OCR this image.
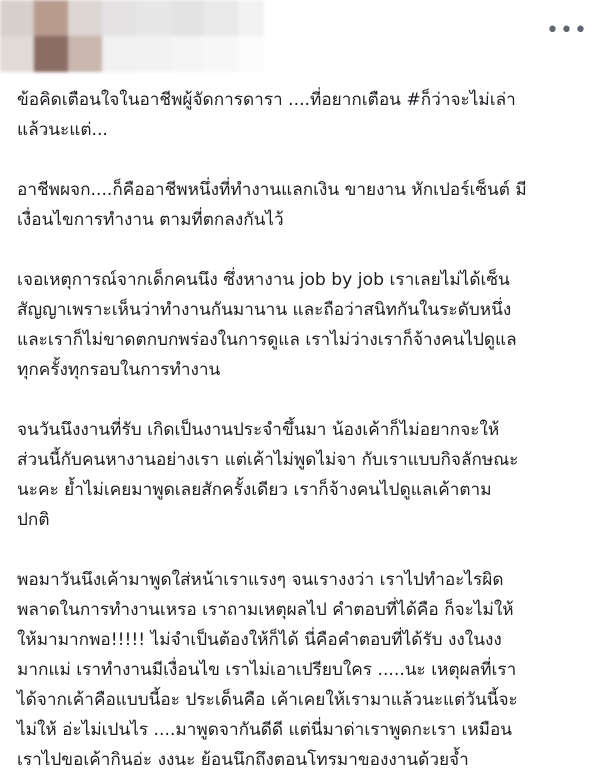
•••

ข้อคิดเตือนใจในอาชีพผู้จัดการดารา ....ที่อยากเตือน #ก็ว่าจะไม่เล่า
แล้วนะแต่...

อาชีพผจก....ก็คืออาชีพหนึ่งที่ทำงานแลกเงิน ขายงาน หักเปอร์เซ็นต์ มี
เงื่อนไขการทำงาน ตามที่ตกลงกันไว้

เจอเหตุการณ์จากเด็กคนนึง ซึ่งหางาน job by job เราเลยไม่ได้เซ็น
สัญญาเพราะเห็นว่าทำงานกันมานาน และถือว่าสนิทกันในระดับหนึ่ง
และเราก็ไม่ขาดตกบกพร่องในการดูแล เราไม่ว่างเราก็จ้างคนไปดูแล
ทุกครั้งทุกรอบในการทำงาน

จนวันนึงงานที่รับ เกิดเป็นงานประจำขึ้นมา น้องเค้าก็ไม่อยากจะให้
ส่วนนี้กับคนหางานอย่างเรา แต่เค้าไม่พูดไม่จา กับเราแบบกิจลักษณะ
นะคะ ย้ำไม่เคยมาพูดเลยสักครั้งเดียว เราก็จ้างคนไปดูแลเค้าตาม
ปกติ

พอมาวันนึงเค้ามาพูดใส่หน้าเราแรงๆ จนเรางงว่า เราไปทำอะไรผิด
พลาดในการทำงานเหรอ เราถามเหตุผลไป คำตอบที่ได้คือ ก็จะไม่ให้
ให้มามากพอ!!!!! ไม่จำเป็นต้องให้ก็ได้ นี่คือคำตอบที่ได้รับ งงในงง
มากแม่ เราทำงานมีเงื่อนไข เราไม่เอาเปรียบใคร .....นะ เหตุผลที่เรา
ได้จากเค้าคือแบบนี้อะ ประเด็นคือ เค้าเคยให้เรามาแล้วนะแต่วันนี้จะ
ไม่ให้ อ่ะไม่เปนไร ....มาพูดจากันดีดี แต่นี่มาด่าเราพูดกะเรา เหมือน
เราไปขอเค้ากินอ่ะ งงนะ ย้อนนึกถึงตอนโทรมาของงานด้วยจ้ำ
